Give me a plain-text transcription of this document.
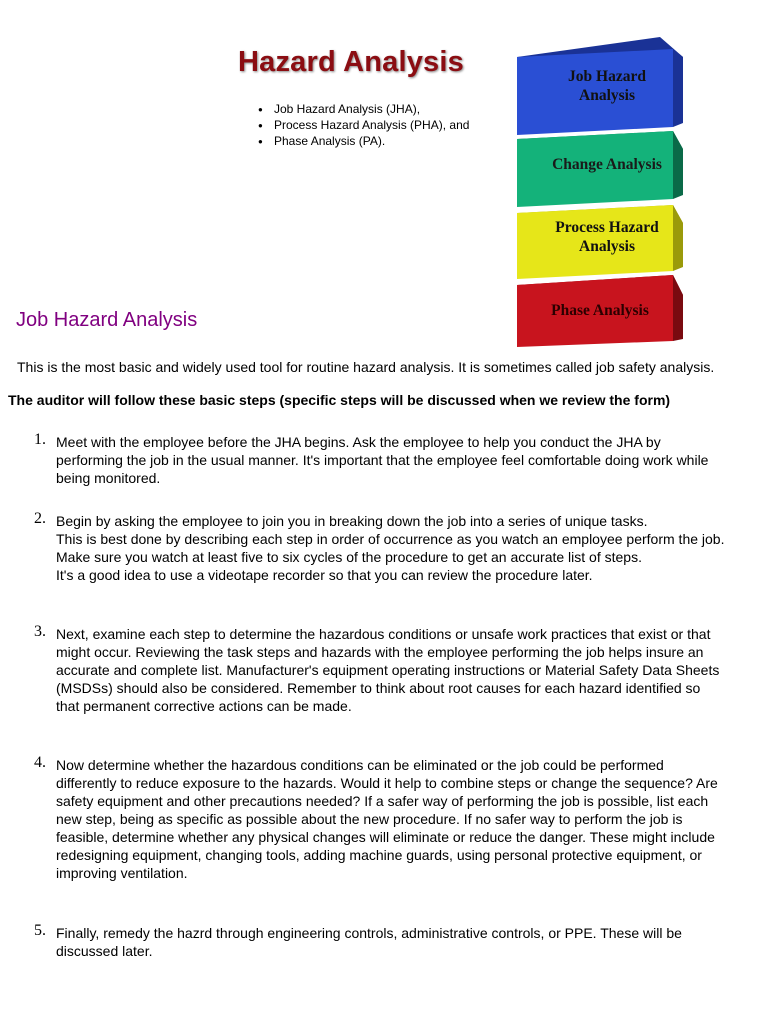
Hazard Analysis
● Job Hazard Analysis (JHA),
● Process Hazard Analysis (PHA), and
● Phase Analysis (PA).
Phase Analysis
Process Hazard
Analysis
Change Analysis
Job Hazard
Analysis
Job Hazard Analysis

This is the most basic and widely used tool for routine hazard analysis. It is sometimes called job safety analysis.

The auditor will follow these basic steps (specific steps will be discussed when we review the form)

1. Meet with the employee before the JHA begins. Ask the employee to help you conduct the JHA by
performing the job in the usual manner. It's important that the employee feel comfortable doing work while
being monitored.
2. Begin by asking the employee to join you in breaking down the job into a series of unique tasks.
This is best done by describing each step in order of occurrence as you watch an employee perform the job.
Make sure you watch at least five to six cycles of the procedure to get an accurate list of steps.
It's a good idea to use a videotape recorder so that you can review the procedure later.
3. Next, examine each step to determine the hazardous conditions or unsafe work practices that exist or that
might occur. Reviewing the task steps and hazards with the employee performing the job helps insure an
accurate and complete list. Manufacturer's equipment operating instructions or Material Safety Data Sheets
(MSDSs) should also be considered. Remember to think about root causes for each hazard identified so
that permanent corrective actions can be made.
4. Now determine whether the hazardous conditions can be eliminated or the job could be performed
differently to reduce exposure to the hazards. Would it help to combine steps or change the sequence? Are
safety equipment and other precautions needed? If a safer way of performing the job is possible, list each
new step, being as specific as possible about the new procedure. If no safer way to perform the job is
feasible, determine whether any physical changes will eliminate or reduce the danger. These might include
redesigning equipment, changing tools, adding machine guards, using personal protective equipment, or
improving ventilation.
5. Finally, remedy the hazrd through engineering controls, administrative controls, or PPE. These will be
discussed later.
